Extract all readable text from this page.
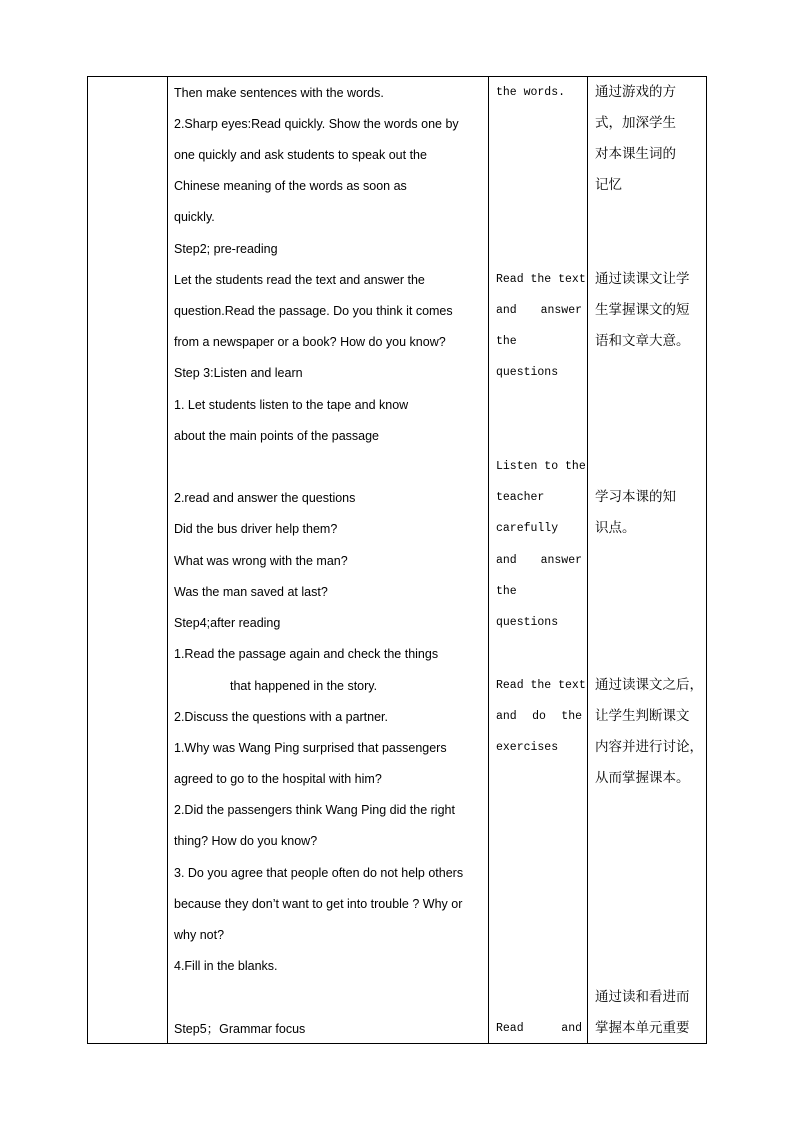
Then make sentences with the words.
2.Sharp eyes:Read quickly. Show the words one by
one quickly and ask students to speak out the
Chinese meaning of the words as soon as
quickly.
Step2; pre-reading
Let the students read the text and answer the
question.Read the passage. Do you think it comes
from a newspaper or a book? How do you know?
Step 3:Listen and learn
1. Let students listen to the tape and know
about the main points of the passage
2.read and answer the questions
Did the bus driver help them?
What was wrong with the man?
Was the man saved at last?
Step4;after reading
1.Read the passage again and check the things
that happened in the story.
2.Discuss the questions with a partner.
1.Why was Wang Ping surprised that passengers
agreed to go to the hospital with him?
2.Did the passengers think Wang Ping did the right
thing? How do you know?
3. Do you agree that people often do not help others
because they don’t want to get into trouble ? Why or
why not?
4.Fill in the blanks.
Step5；Grammar focus
the words.
Read the text
and answer
the
questions
Listen to the
teacher
carefully
and answer
the
questions
Read the text
and do the
exercises
Read and
通过游戏的方
式，加深学生
对本课生词的
记忆
通过读课文让学
生掌握课文的短
语和文章大意。
学习本课的知
识点。
通过读课文之后，
让学生判断课文
内容并进行讨论，
从而掌握课本。
通过读和看进而
掌握本单元重要
